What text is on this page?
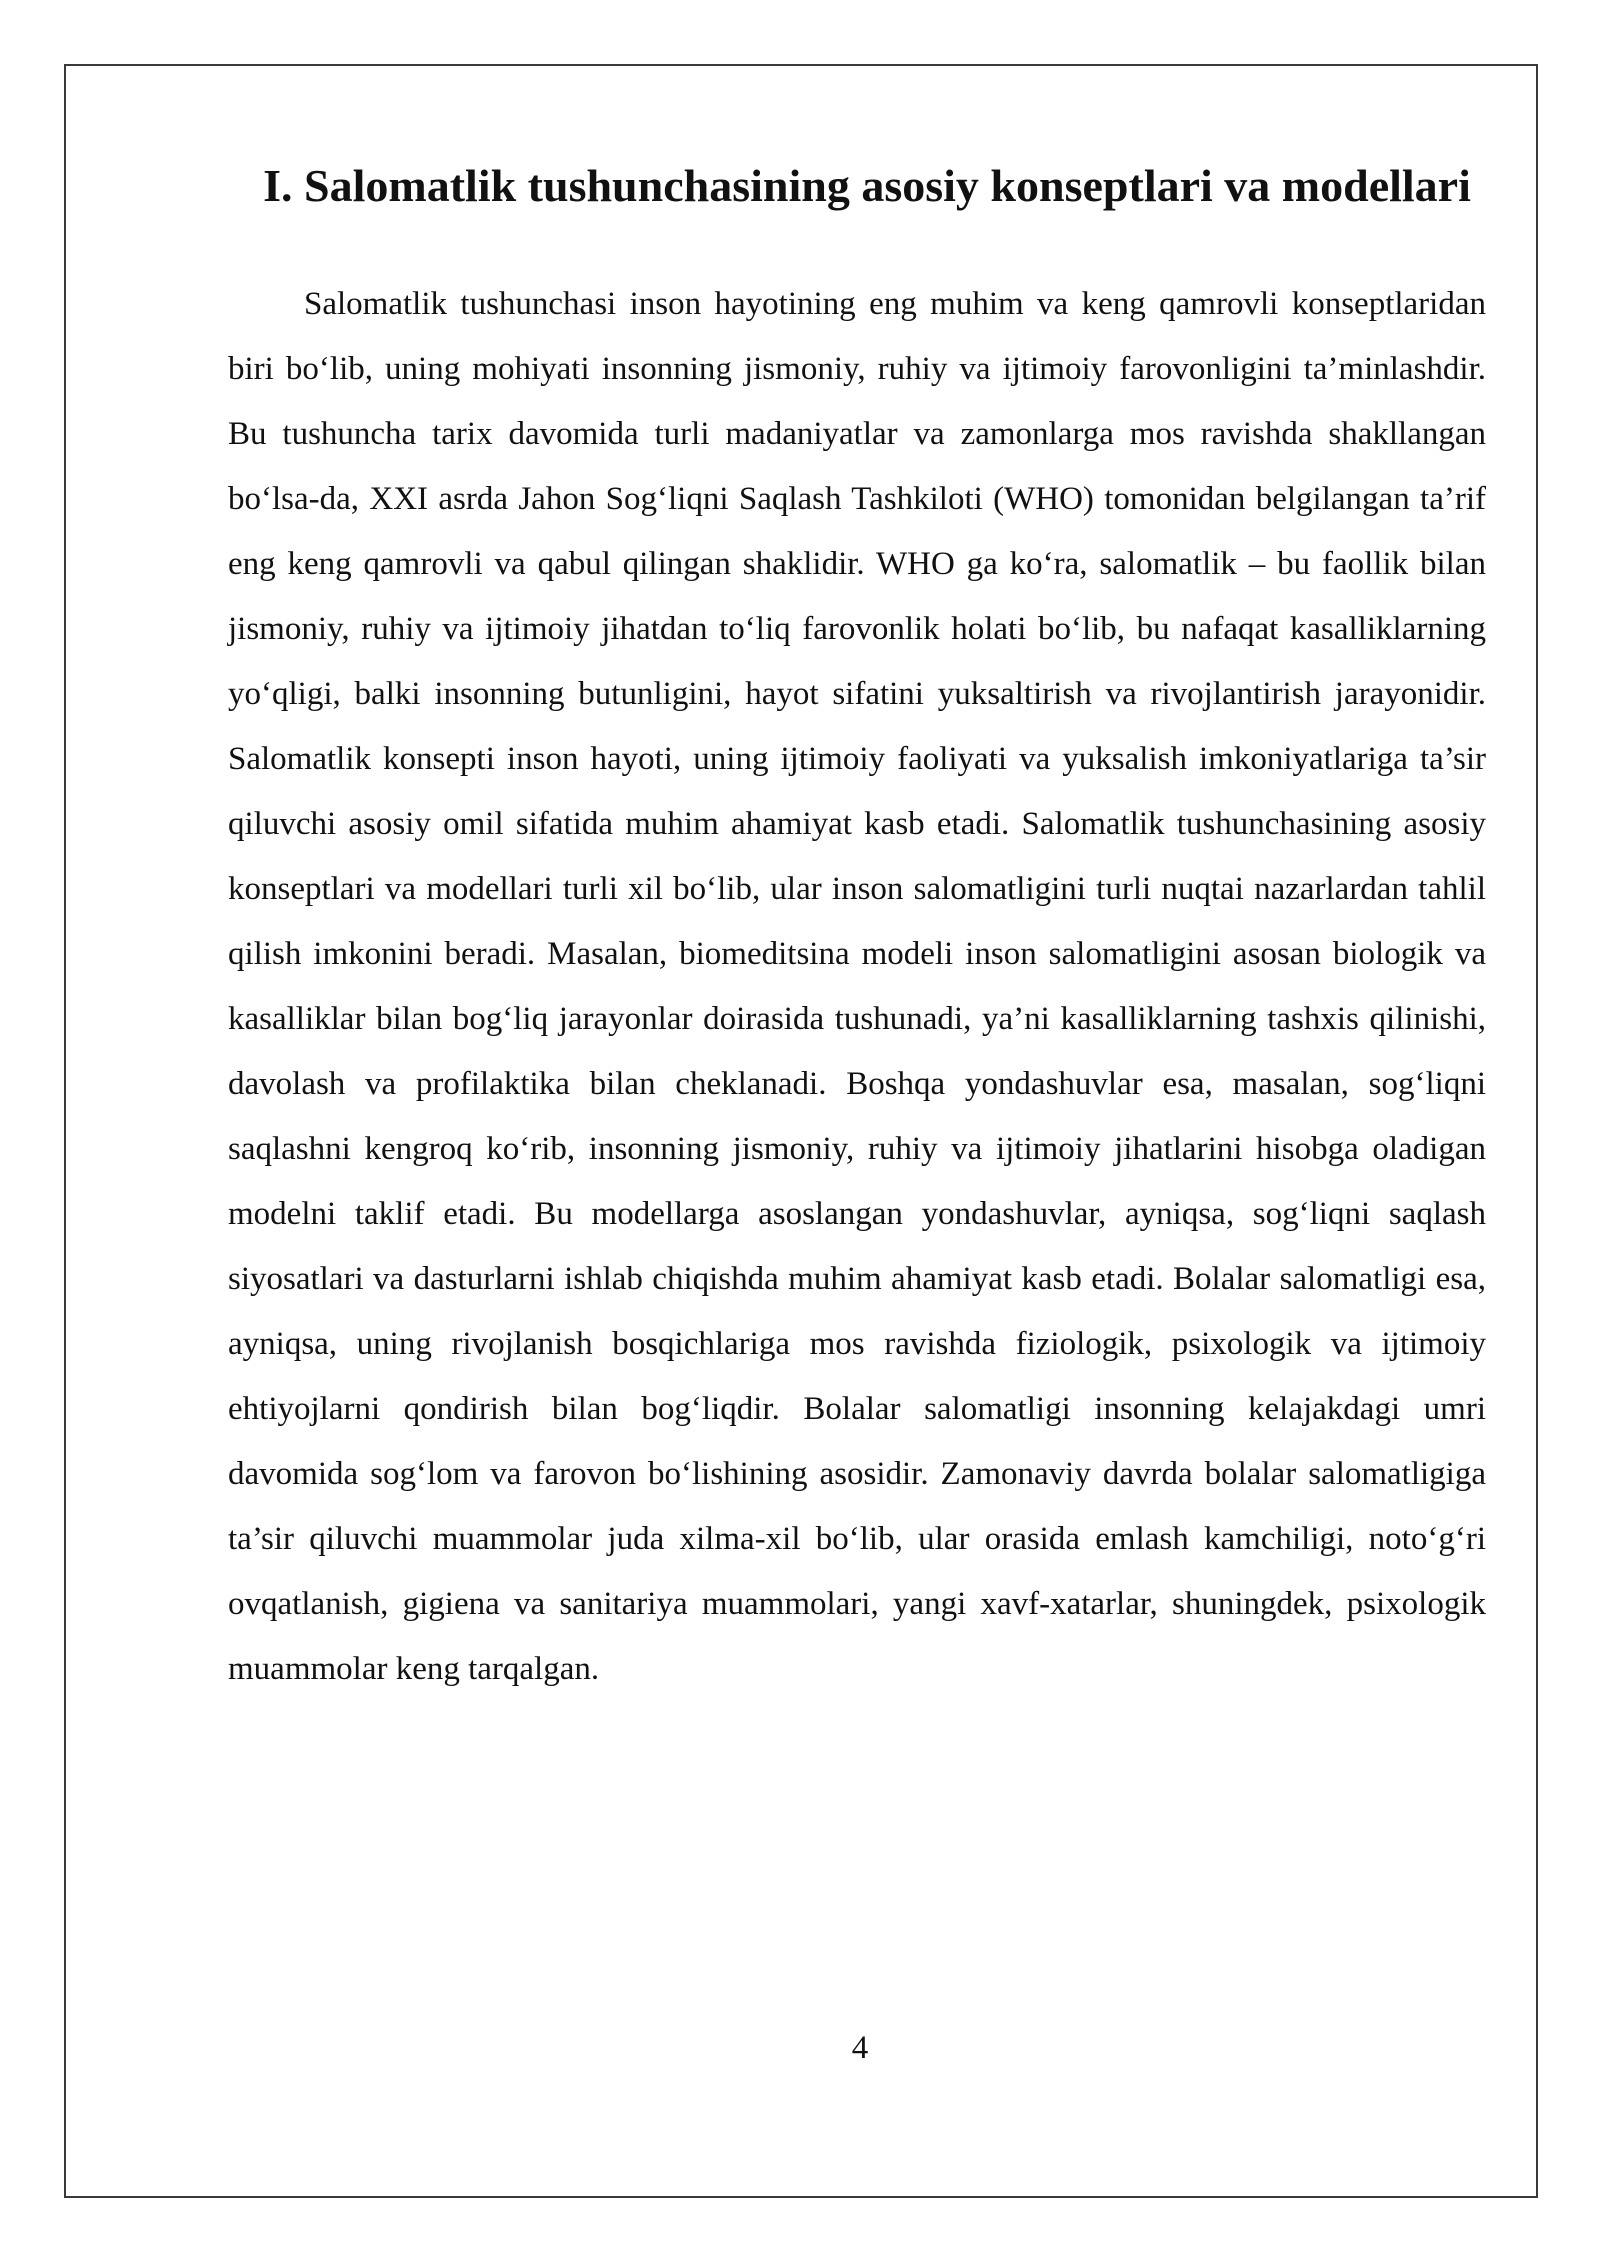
I. Salomatlik tushunchasining asosiy konseptlari va modellari

Salomatlik tushunchasi inson hayotining eng muhim va keng qamrovli konseptlaridan biri bo‘lib, uning mohiyati insonning jismoniy, ruhiy va ijtimoiy farovonligini ta’minlashdir. Bu tushuncha tarix davomida turli madaniyatlar va zamonlarga mos ravishda shakllangan bo‘lsa-da, XXI asrda Jahon Sog‘liqni Saqlash Tashkiloti (WHO) tomonidan belgilangan ta’rif eng keng qamrovli va qabul qilingan shaklidir. WHO ga ko‘ra, salomatlik – bu faollik bilan jismoniy, ruhiy va ijtimoiy jihatdan to‘liq farovonlik holati bo‘lib, bu nafaqat kasalliklarning yo‘qligi, balki insonning butunligini, hayot sifatini yuksaltirish va rivojlantirish jarayonidir. Salomatlik konsepti inson hayoti, uning ijtimoiy faoliyati va yuksalish imkoniyatlariga ta’sir qiluvchi asosiy omil sifatida muhim ahamiyat kasb etadi. Salomatlik tushunchasining asosiy konseptlari va modellari turli xil bo‘lib, ular inson salomatligini turli nuqtai nazarlardan tahlil qilish imkonini beradi. Masalan, biomeditsina modeli inson salomatligini asosan biologik va kasalliklar bilan bog‘liq jarayonlar doirasida tushunadi, ya’ni kasalliklarning tashxis qilinishi, davolash va profilaktika bilan cheklanadi. Boshqa yondashuvlar esa, masalan, sog‘liqni saqlashni kengroq ko‘rib, insonning jismoniy, ruhiy va ijtimoiy jihatlarini hisobga oladigan modelni taklif etadi. Bu modellarga asoslangan yondashuvlar, ayniqsa, sog‘liqni saqlash siyosatlari va dasturlarni ishlab chiqishda muhim ahamiyat kasb etadi. Bolalar salomatligi esa, ayniqsa, uning rivojlanish bosqichlariga mos ravishda fiziologik, psixologik va ijtimoiy ehtiyojlarni qondirish bilan bog‘liqdir. Bolalar salomatligi insonning kelajakdagi umri davomida sog‘lom va farovon bo‘lishining asosidir. Zamonaviy davrda bolalar salomatligiga ta’sir qiluvchi muammolar juda xilma-xil bo‘lib, ular orasida emlash kamchiligi, noto‘g‘ri ovqatlanish, gigiena va sanitariya muammolari, yangi xavf-xatarlar, shuningdek, psixologik muammolar keng tarqalgan.

4
